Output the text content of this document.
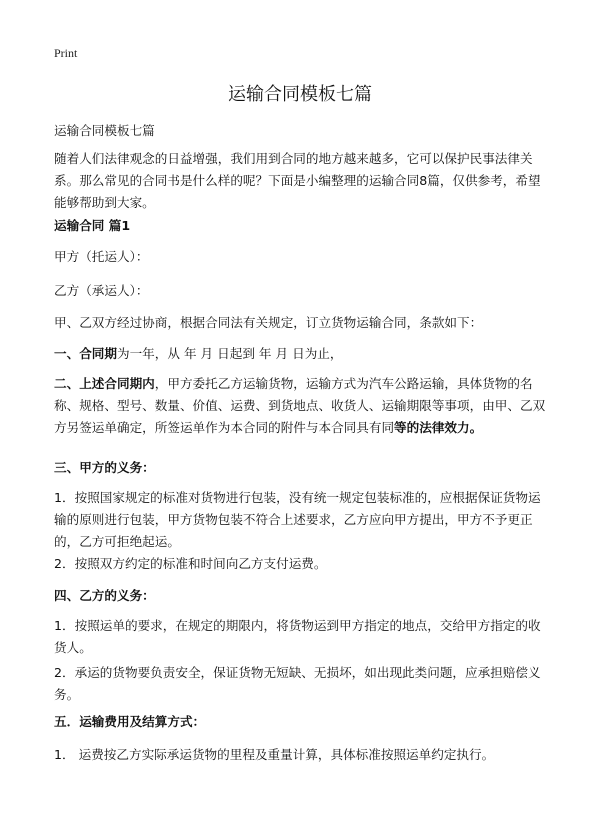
Print
运输合同模板七篇
运输合同模板七篇
随着人们法律观念的日益增强，我们用到合同的地方越来越多，它可以保护民事法律关系。那么常见的合同书是什么样的呢？下面是小编整理的运输合同8篇，仅供参考，希望能够帮助到大家。
运输合同 篇1
甲方（托运人）：
乙方（承运人）：
甲、乙双方经过协商，根据合同法有关规定，订立货物运输合同，条款如下：
一、合同期为一年，从 年 月 日起到 年 月 日为止，
二、上述合同期内，甲方委托乙方运输货物，运输方式为汽车公路运输，具体货物的名称、规格、型号、数量、价值、运费、到货地点、收货人、运输期限等事项，由甲、乙双方另签运单确定，所签运单作为本合同的附件与本合同具有同等的法律效力。
三、甲方的义务：
1．按照国家规定的标准对货物进行包装，没有统一规定包装标准的，应根据保证货物运输的原则进行包装，甲方货物包装不符合上述要求，乙方应向甲方提出，甲方不予更正的，乙方可拒绝起运。
2．按照双方约定的标准和时间向乙方支付运费。
四、乙方的义务：
1．按照运单的要求，在规定的期限内，将货物运到甲方指定的地点，交给甲方指定的收货人。
2．承运的货物要负责安全，保证货物无短缺、无损坏，如出现此类问题，应承担赔偿义务。
五．运输费用及结算方式：
1． 运费按乙方实际承运货物的里程及重量计算，具体标准按照运单约定执行。
